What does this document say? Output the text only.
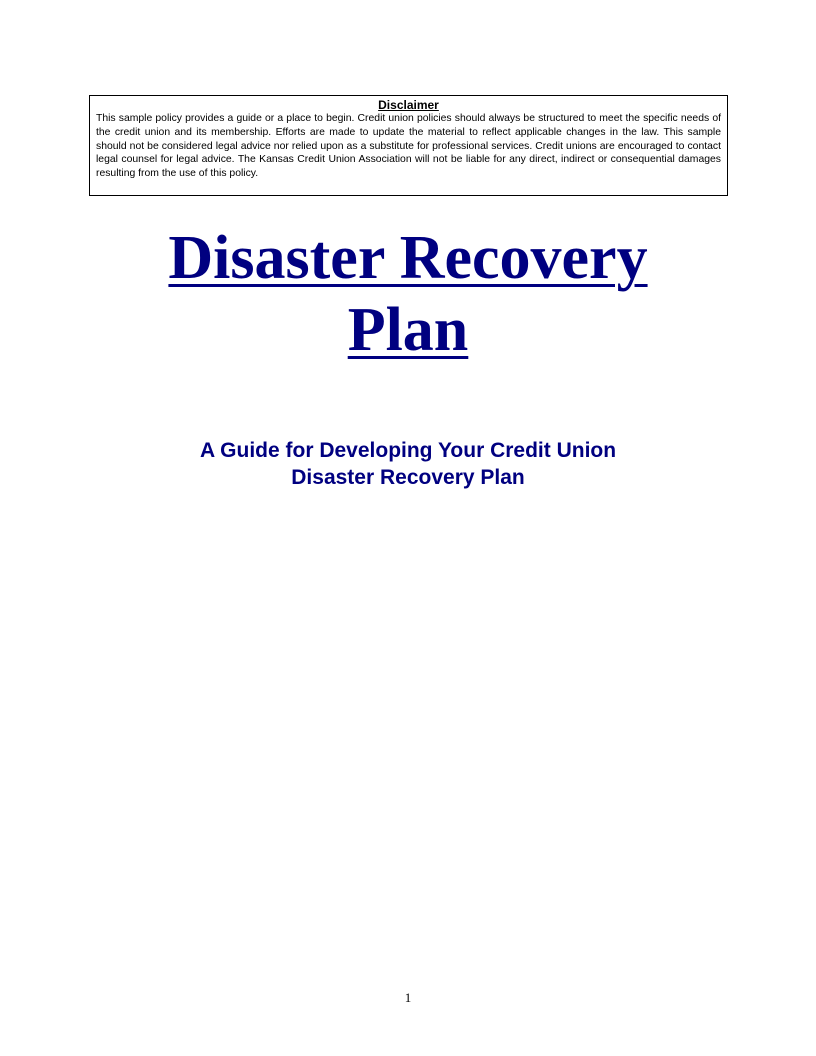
Disclaimer

This sample policy provides a guide or a place to begin. Credit union policies should always be structured to meet the specific needs of the credit union and its membership. Efforts are made to update the material to reflect applicable changes in the law. This sample should not be considered legal advice nor relied upon as a substitute for professional services. Credit unions are encouraged to contact legal counsel for legal advice. The Kansas Credit Union Association will not be liable for any direct, indirect or consequential damages resulting from the use of this policy.

Disaster Recovery
Plan
A Guide for Developing Your Credit Union
Disaster Recovery Plan
1
